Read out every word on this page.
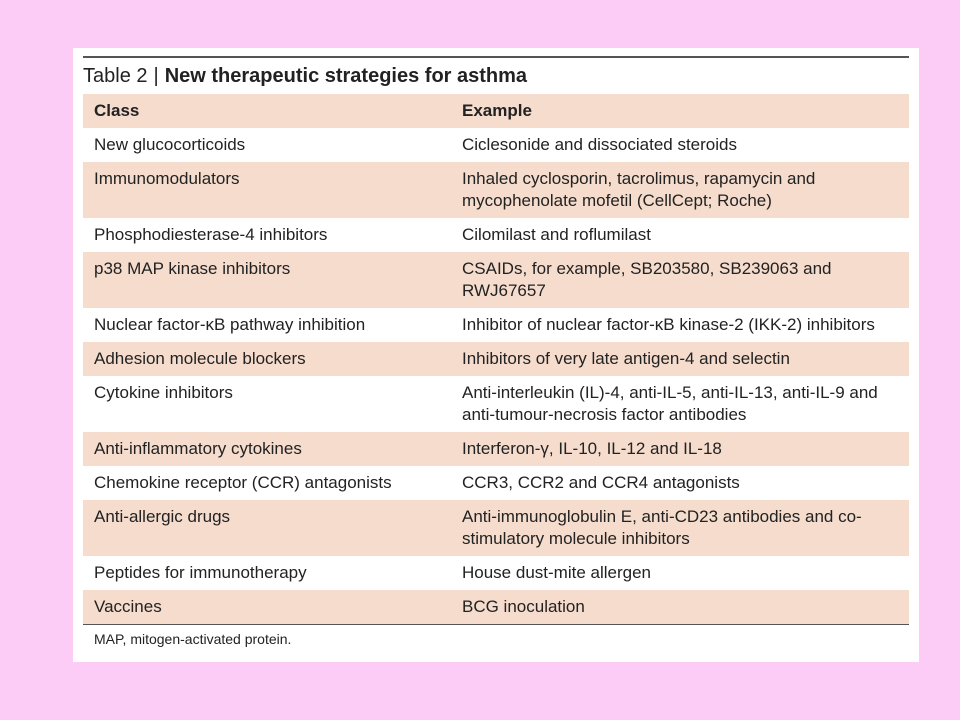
Table 2 | New therapeutic strategies for asthma
Class	Example
New glucocorticoids	Ciclesonide and dissociated steroids
Immunomodulators	Inhaled cyclosporin, tacrolimus, rapamycin and mycophenolate mofetil (CellCept; Roche)
Phosphodiesterase-4 inhibitors	Cilomilast and roflumilast
p38 MAP kinase inhibitors	CSAIDs, for example, SB203580, SB239063 and RWJ67657
Nuclear factor-κB pathway inhibition	Inhibitor of nuclear factor-κB kinase-2 (IKK-2) inhibitors
Adhesion molecule blockers	Inhibitors of very late antigen-4 and selectin
Cytokine inhibitors	Anti-interleukin (IL)-4, anti-IL-5, anti-IL-13, anti-IL-9 and anti-tumour-necrosis factor antibodies
Anti-inflammatory cytokines	Interferon-γ, IL-10, IL-12 and IL-18
Chemokine receptor (CCR) antagonists	CCR3, CCR2 and CCR4 antagonists
Anti-allergic drugs	Anti-immunoglobulin E, anti-CD23 antibodies and co-stimulatory molecule inhibitors
Peptides for immunotherapy	House dust-mite allergen
Vaccines	BCG inoculation
MAP, mitogen-activated protein.
